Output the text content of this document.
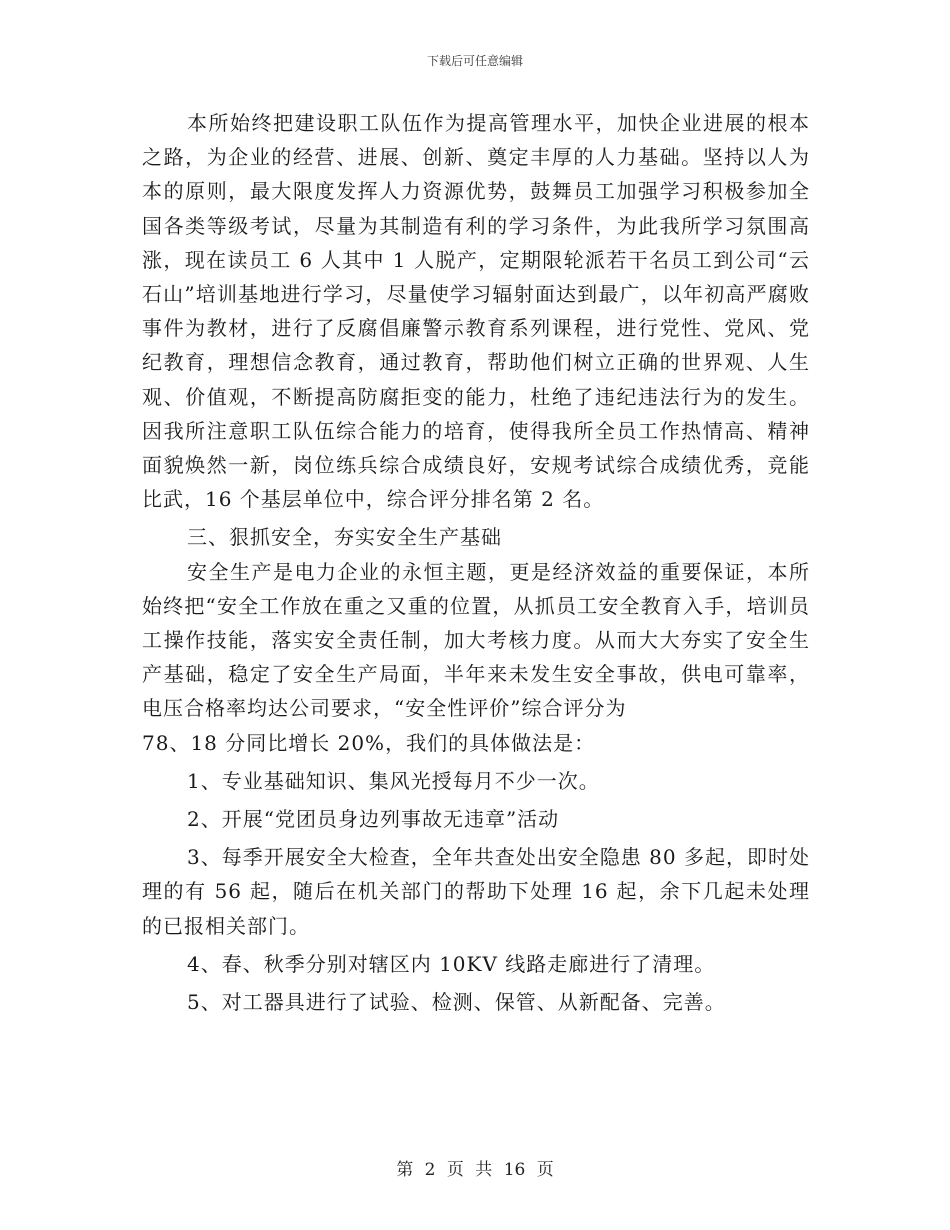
下载后可任意编辑

本所始终把建设职工队伍作为提高管理水平，加快企业进展的根本之路，为企业的经营、进展、创新、奠定丰厚的人力基础。坚持以人为本的原则，最大限度发挥人力资源优势，鼓舞员工加强学习积极参加全国各类等级考试，尽量为其制造有利的学习条件，为此我所学习氛围高涨，现在读员工 6 人其中 1 人脱产，定期限轮派若干名员工到公司“云石山”培训基地进行学习，尽量使学习辐射面达到最广，以年初高严腐败事件为教材，进行了反腐倡廉警示教育系列课程，进行党性、党风、党纪教育，理想信念教育，通过教育，帮助他们树立正确的世界观、人生观、价值观，不断提高防腐拒变的能力，杜绝了违纪违法行为的发生。因我所注意职工队伍综合能力的培育，使得我所全员工作热情高、精神面貌焕然一新，岗位练兵综合成绩良好，安规考试综合成绩优秀，竞能比武，16 个基层单位中，综合评分排名第 2 名。

三、狠抓安全，夯实安全生产基础

安全生产是电力企业的永恒主题，更是经济效益的重要保证，本所始终把“安全工作放在重之又重的位置，从抓员工安全教育入手，培训员工操作技能，落实安全责任制，加大考核力度。从而大大夯实了安全生产基础，稳定了安全生产局面，半年来未发生安全事故，供电可靠率，电压合格率均达公司要求，“安全性评价”综合评分为

78、18 分同比增长 20%，我们的具体做法是：

1、专业基础知识、集风光授每月不少一次。

2、开展“党团员身边列事故无违章”活动

3、每季开展安全大检查，全年共查处出安全隐患 80 多起，即时处理的有 56 起，随后在机关部门的帮助下处理 16 起，余下几起未处理的已报相关部门。

4、春、秋季分别对辖区内 10KV 线路走廊进行了清理。

5、对工器具进行了试验、检测、保管、从新配备、完善。

第 2 页 共 16 页
